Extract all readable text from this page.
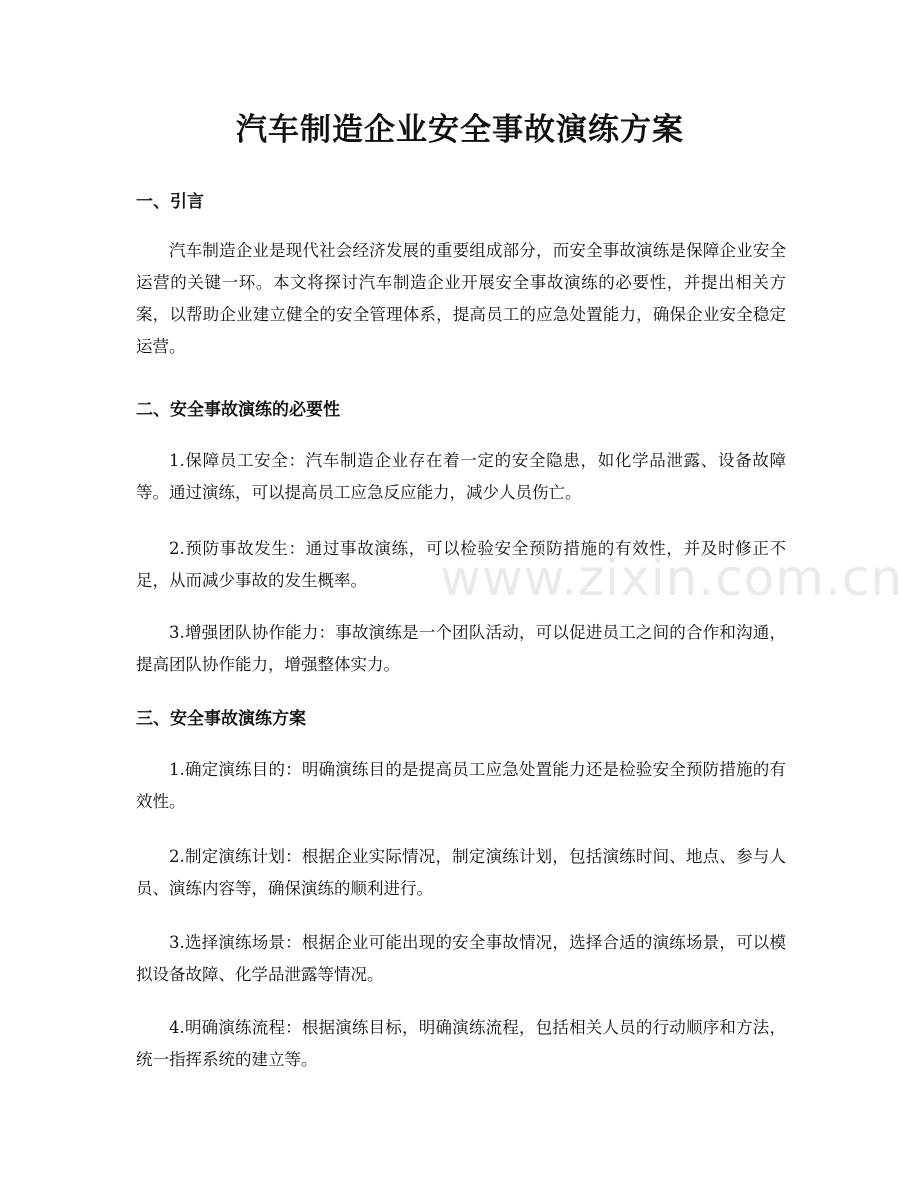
汽车制造企业安全事故演练方案
一、引言

汽车制造企业是现代社会经济发展的重要组成部分，而安全事故演练是保障企业安全运营的关键一环。本文将探讨汽车制造企业开展安全事故演练的必要性，并提出相关方案，以帮助企业建立健全的安全管理体系，提高员工的应急处置能力，确保企业安全稳定运营。

二、安全事故演练的必要性

1.保障员工安全：汽车制造企业存在着一定的安全隐患，如化学品泄露、设备故障等。通过演练，可以提高员工应急反应能力，减少人员伤亡。

2.预防事故发生：通过事故演练，可以检验安全预防措施的有效性，并及时修正不足，从而减少事故的发生概率。

3.增强团队协作能力：事故演练是一个团队活动，可以促进员工之间的合作和沟通，提高团队协作能力，增强整体实力。

三、安全事故演练方案

1.确定演练目的：明确演练目的是提高员工应急处置能力还是检验安全预防措施的有效性。

2.制定演练计划：根据企业实际情况，制定演练计划，包括演练时间、地点、参与人员、演练内容等，确保演练的顺利进行。

3.选择演练场景：根据企业可能出现的安全事故情况，选择合适的演练场景，可以模拟设备故障、化学品泄露等情况。

4.明确演练流程：根据演练目标，明确演练流程，包括相关人员的行动顺序和方法，统一指挥系统的建立等。

www.zixin.com.cn
